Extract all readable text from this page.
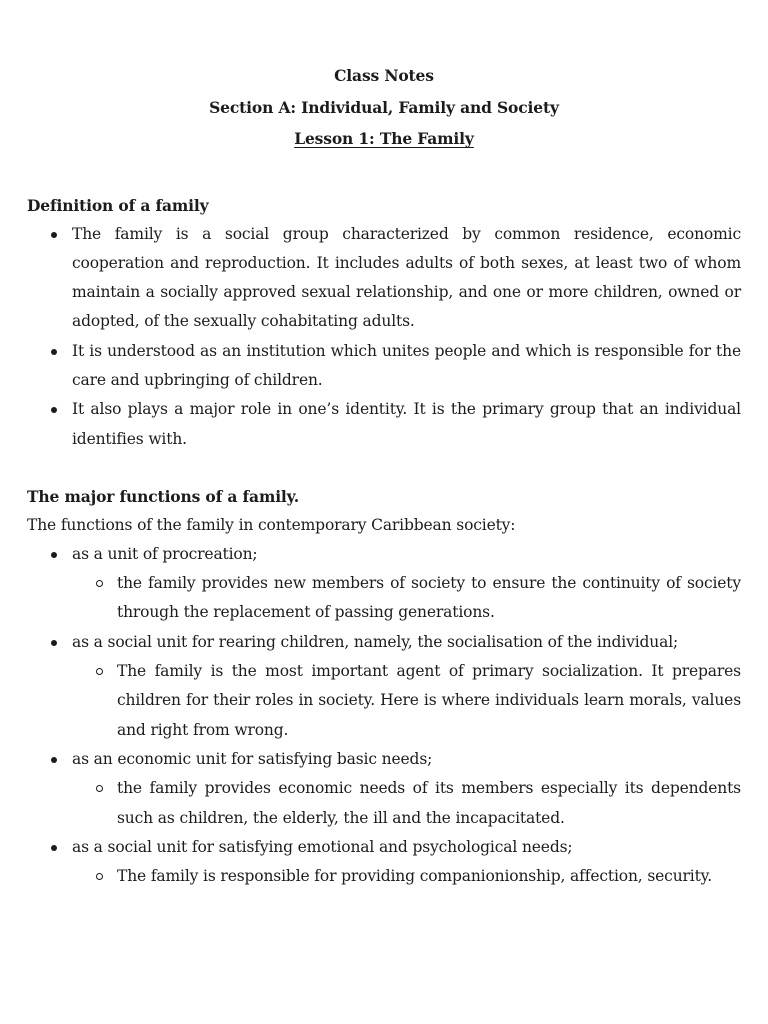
Class Notes

Section A: Individual, Family and Society

Lesson 1: The Family

Definition of a family

The family is a social group characterized by common residence, economic cooperation and reproduction. It includes adults of both sexes, at least two of whom maintain a socially approved sexual relationship, and one or more children, owned or adopted, of the sexually cohabitating adults.
It is understood as an institution which unites people and which is responsible for the care and upbringing of children.
It also plays a major role in one’s identity. It is the primary group that an individual identifies with.

The major functions of a family.

The functions of the family in contemporary Caribbean society:

as a unit of procreation;
the family provides new members of society to ensure the continuity of society through the replacement of passing generations.
as a social unit for rearing children, namely, the socialisation of the individual;
The family is the most important agent of primary socialization. It prepares children for their roles in society. Here is where individuals learn morals, values and right from wrong.
as an economic unit for satisfying basic needs;
the family provides economic needs of its members especially its dependents such as children, the elderly, the ill and the incapacitated.
as a social unit for satisfying emotional and psychological needs;
The family is responsible for providing companionionship, affection, security.
